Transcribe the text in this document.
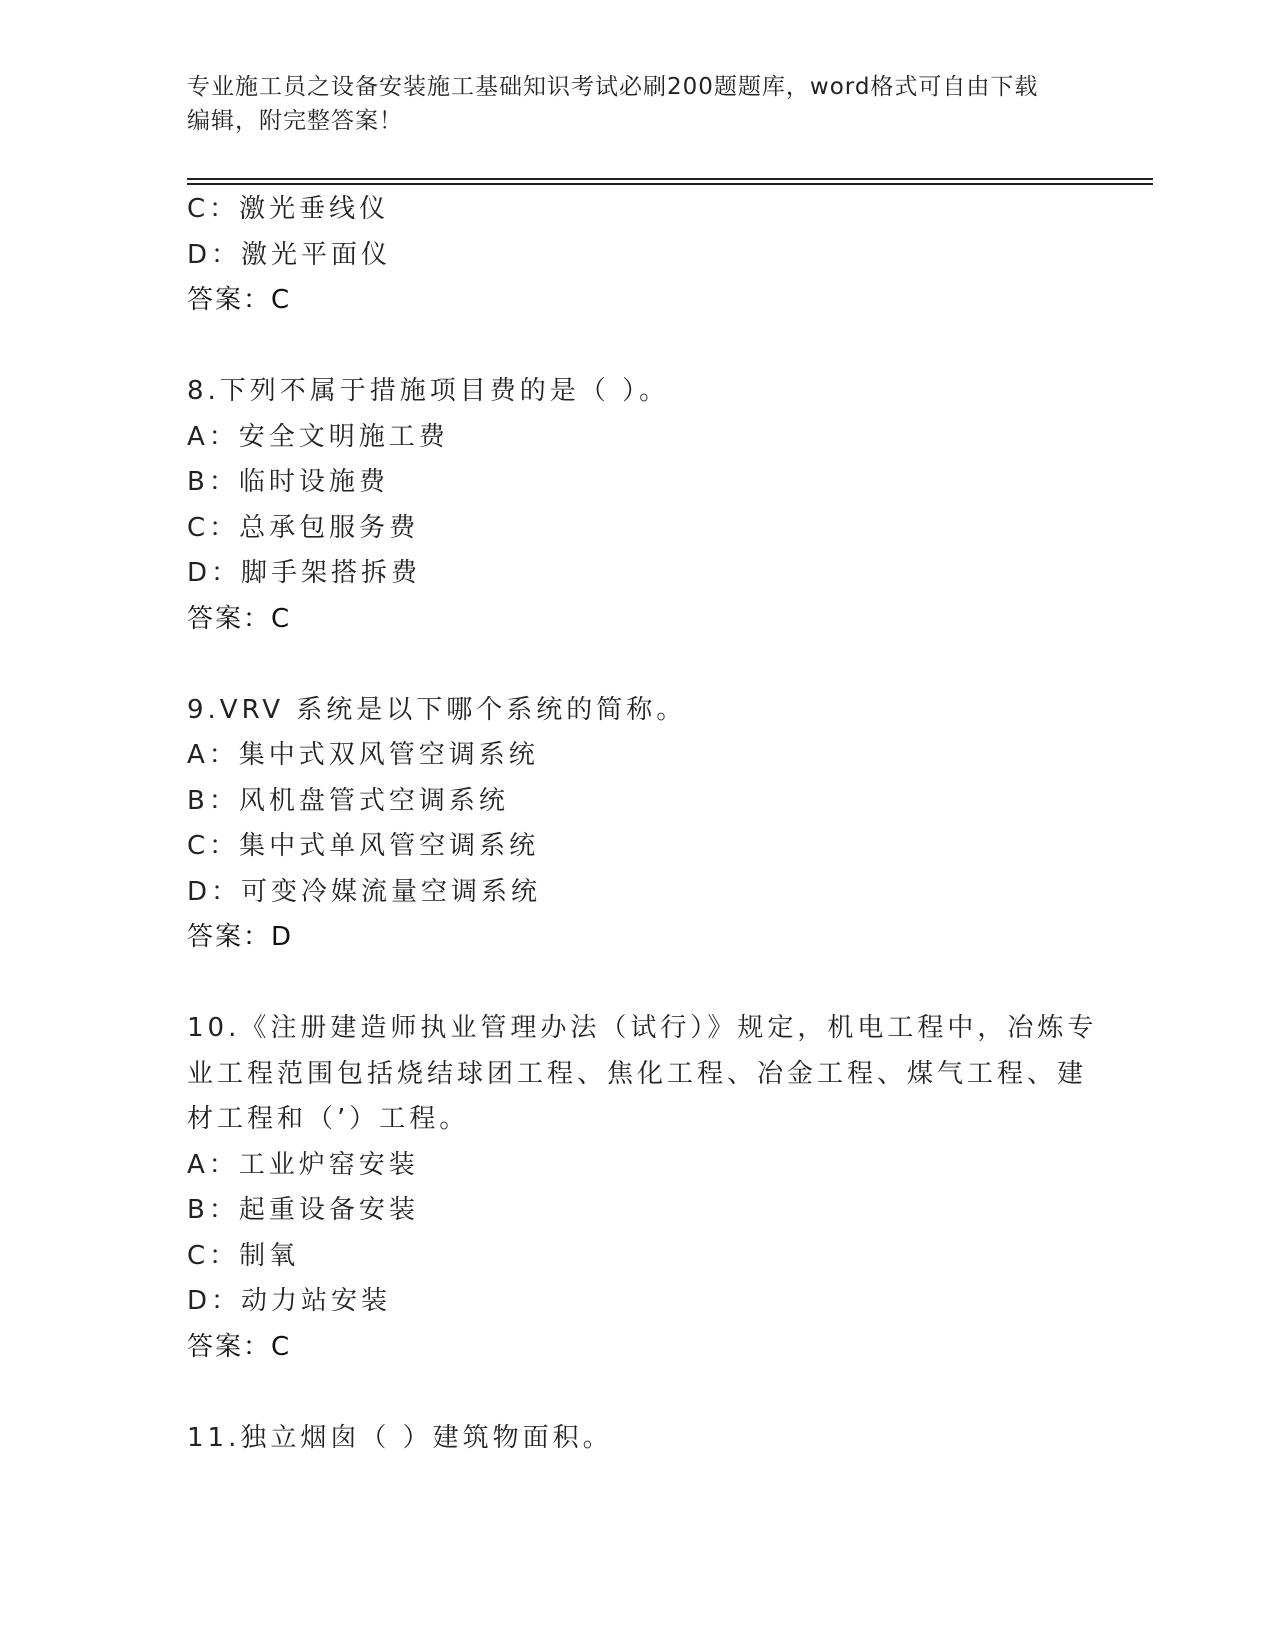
专业施工员之设备安装施工基础知识考试必刷200题题库，word格式可自由下载
编辑，附完整答案！
C：激光垂线仪
D：激光平面仪
答案：C
8.下列不属于措施项目费的是（ ）。
A：安全文明施工费
B：临时设施费
C：总承包服务费
D：脚手架搭拆费
答案：C
9.VRV 系统是以下哪个系统的简称。
A：集中式双风管空调系统
B：风机盘管式空调系统
C：集中式单风管空调系统
D：可变冷媒流量空调系统
答案：D
10.《注册建造师执业管理办法（试行）》规定，机电工程中，冶炼专
业工程范围包括烧结球团工程、焦化工程、冶金工程、煤气工程、建
材工程和（’）工程。
A：工业炉窑安装
B：起重设备安装
C：制氧
D：动力站安装
答案：C
11.独立烟囱（ ）建筑物面积。
